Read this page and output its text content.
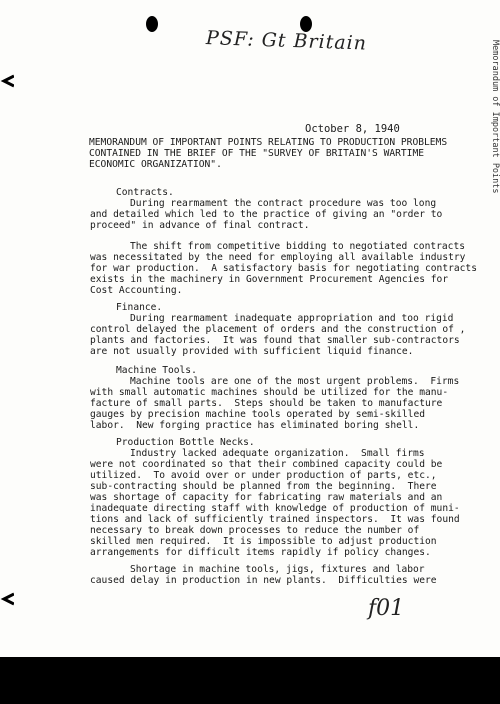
PSF: Gt Britain	Memorandum of Important Points
October 8, 1940
MEMORANDUM OF IMPORTANT POINTS RELATING TO PRODUCTION PROBLEMS
CONTAINED IN THE BRIEF OF THE "SURVEY OF BRITAIN'S WARTIME
ECONOMIC ORGANIZATION".
Contracts.
During rearmament the contract procedure was too long
and detailed which led to the practice of giving an "order to
proceed" in advance of final contract.
The shift from competitive bidding to negotiated contracts
was necessitated by the need for employing all available industry
for war production.  A satisfactory basis for negotiating contracts
exists in the machinery in Government Procurement Agencies for
Cost Accounting.
Finance.
During rearmament inadequate appropriation and too rigid
control delayed the placement of orders and the construction of ,
plants and factories.  It was found that smaller sub-contractors
are not usually provided with sufficient liquid finance.
Machine Tools.
Machine tools are one of the most urgent problems.  Firms
with small automatic machines should be utilized for the manu-
facture of small parts.  Steps should be taken to manufacture
gauges by precision machine tools operated by semi-skilled
labor.  New forging practice has eliminated boring shell.
Production Bottle Necks.
Industry lacked adequate organization.  Small firms
were not coordinated so that their combined capacity could be
utilized.  To avoid over or under production of parts, etc.,
sub-contracting should be planned from the beginning.  There
was shortage of capacity for fabricating raw materials and an
inadequate directing staff with knowledge of production of muni-
tions and lack of sufficiently trained inspectors.  It was found
necessary to break down processes to reduce the number of
skilled men required.  It is impossible to adjust production
arrangements for difficult items rapidly if policy changes.
Shortage in machine tools, jigs, fixtures and labor
caused delay in production in new plants.  Difficulties were
f01
